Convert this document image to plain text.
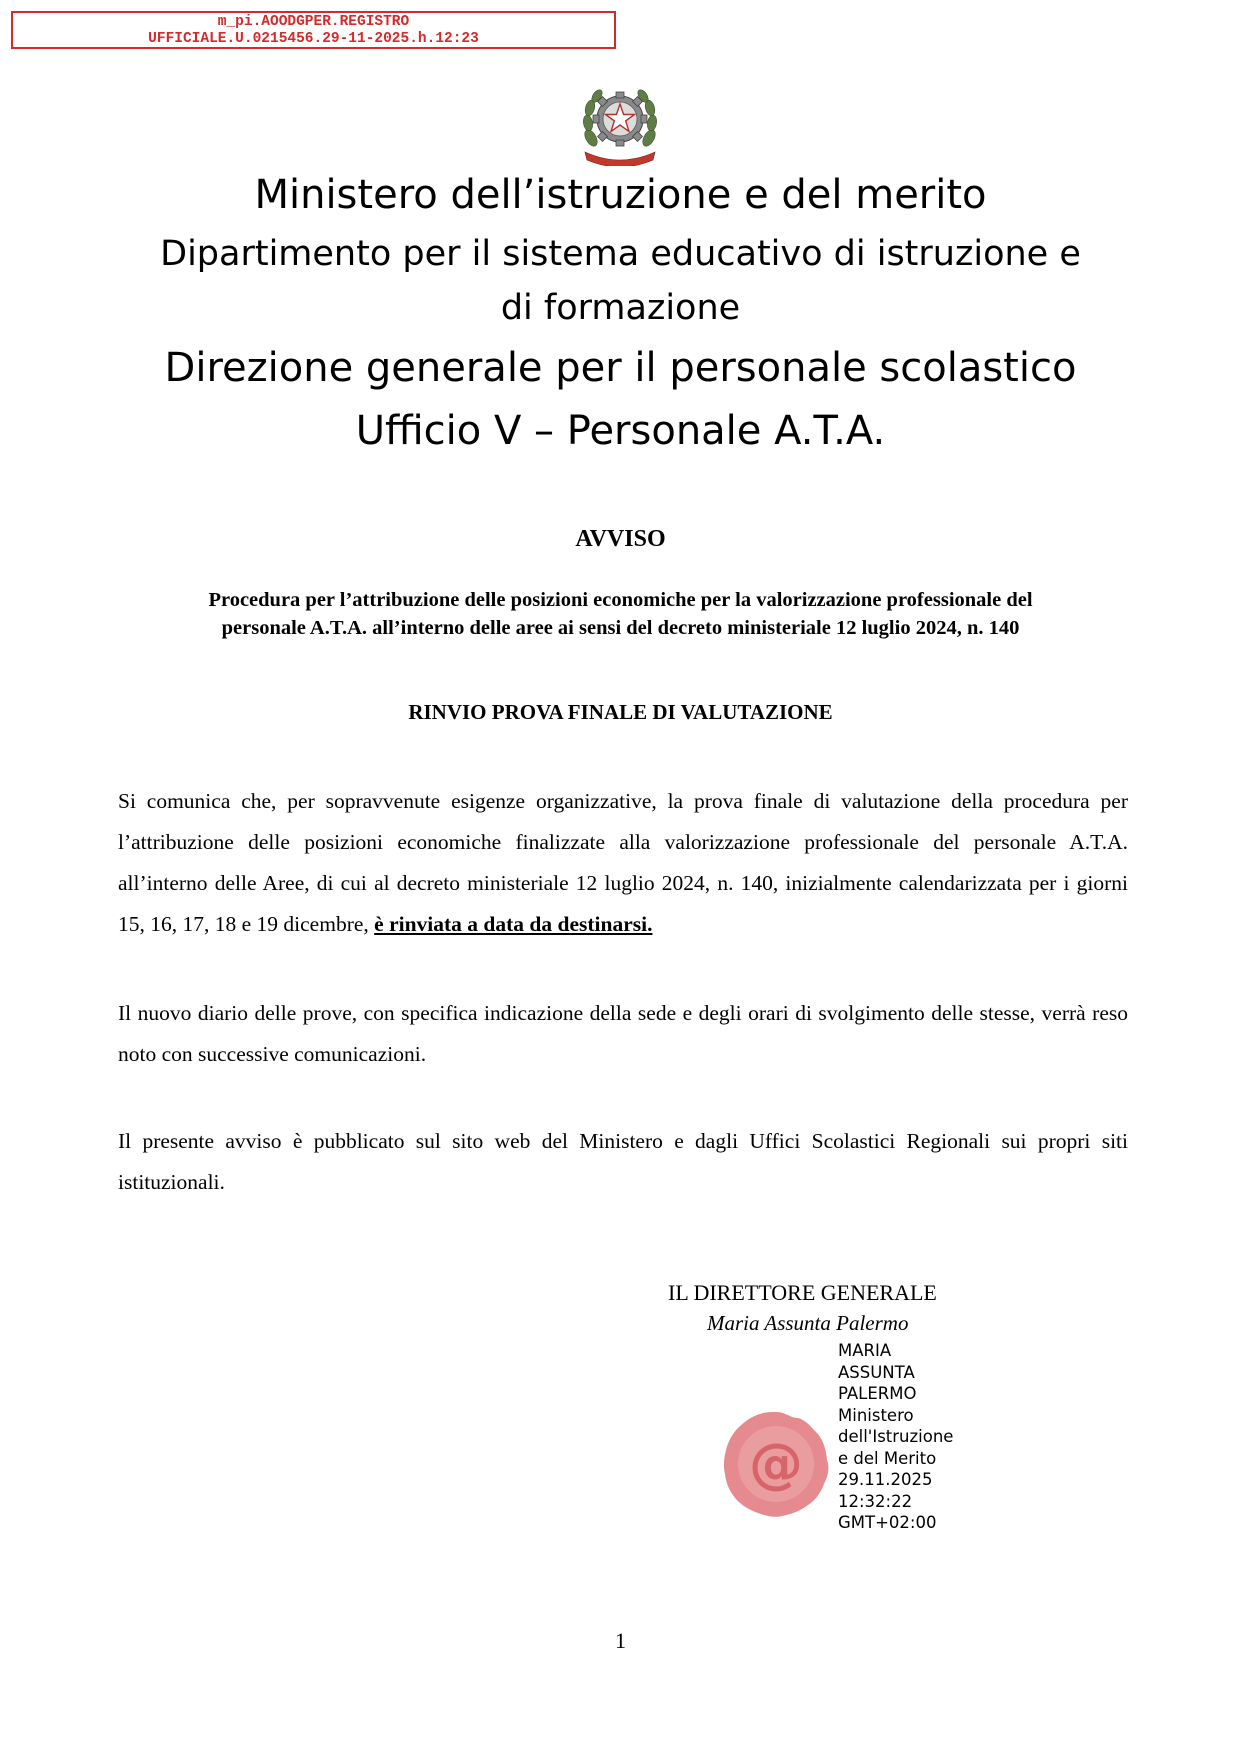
m_pi.AOODGPER.REGISTRO
UFFICIALE.U.0215456.29-11-2025.h.12:23
Ministero dell’istruzione e del merito
Dipartimento per il sistema educativo di istruzione e
di formazione
Direzione generale per il personale scolastico
Ufficio V – Personale A.T.A.
AVVISO
Procedura per l’attribuzione delle posizioni economiche per la valorizzazione professionale del
personale A.T.A. all’interno delle aree ai sensi del decreto ministeriale 12 luglio 2024, n. 140
RINVIO PROVA FINALE DI VALUTAZIONE
Si comunica che, per sopravvenute esigenze organizzative, la prova finale di valutazione della procedura per l’attribuzione delle posizioni economiche finalizzate alla valorizzazione professionale del personale A.T.A. all’interno delle Aree, di cui al decreto ministeriale 12 luglio 2024, n. 140, inizialmente calendarizzata per i giorni 15, 16, 17, 18 e 19 dicembre, è rinviata a data da destinarsi.
Il nuovo diario delle prove, con specifica indicazione della sede e degli orari di svolgimento delle stesse, verrà reso noto con successive comunicazioni.
Il presente avviso è pubblicato sul sito web del Ministero e dagli Uffici Scolastici Regionali sui propri siti istituzionali.
IL DIRETTORE GENERALE
Maria Assunta Palermo
@
MARIA
ASSUNTA
PALERMO
Ministero
dell'Istruzione
e del Merito
29.11.2025
12:32:22
GMT+02:00
1
